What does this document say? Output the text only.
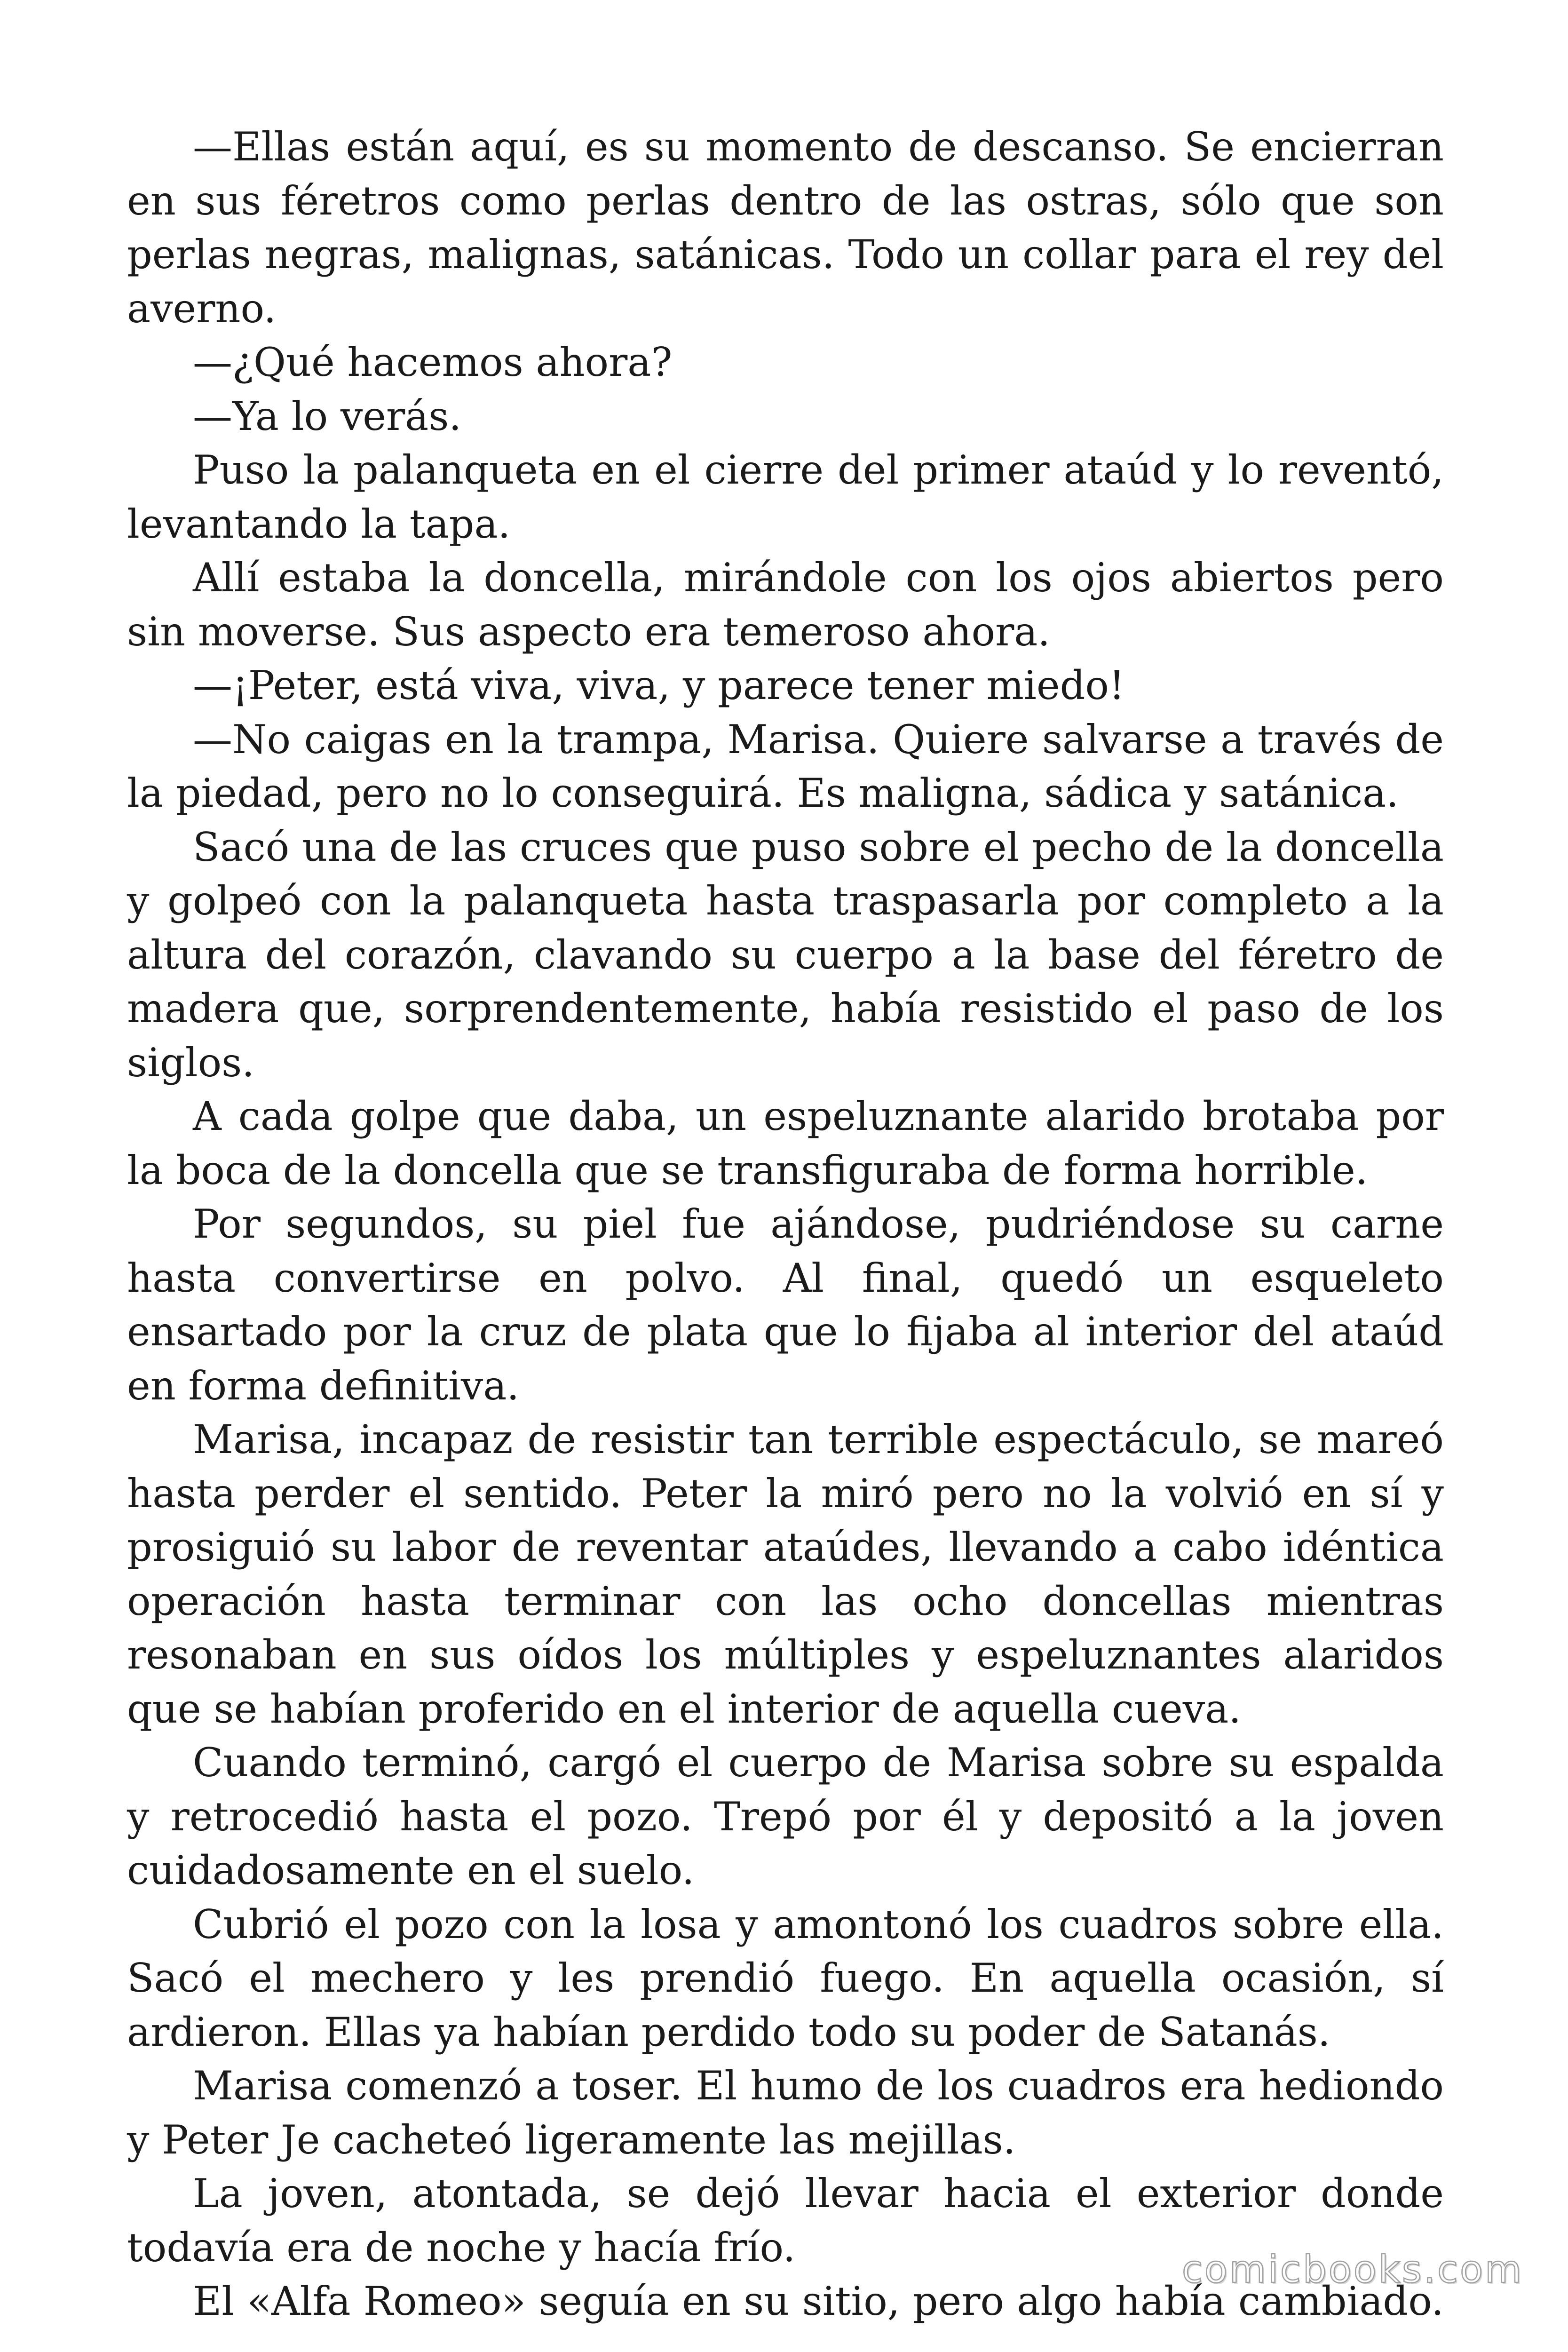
—Ellas están aquí, es su momento de descanso. Se encierran en sus féretros como perlas dentro de las ostras, sólo que son perlas negras, malignas, satánicas. Todo un collar para el rey del averno.

—¿Qué hacemos ahora?

—Ya lo verás.

Puso la palanqueta en el cierre del primer ataúd y lo reventó, levantando la tapa.

Allí estaba la doncella, mirándole con los ojos abiertos pero sin moverse. Sus aspecto era temeroso ahora.

—¡Peter, está viva, viva, y parece tener miedo!

—No caigas en la trampa, Marisa. Quiere salvarse a través de la piedad, pero no lo conseguirá. Es maligna, sádica y satánica.

Sacó una de las cruces que puso sobre el pecho de la doncella y golpeó con la palanqueta hasta traspasarla por completo a la altura del corazón, clavando su cuerpo a la base del féretro de madera que, sorprendentemente, había resistido el paso de los siglos.

A cada golpe que daba, un espeluznante alarido brotaba por la boca de la doncella que se transfiguraba de forma horrible.

Por segundos, su piel fue ajándose, pudriéndose su carne hasta convertirse en polvo. Al final, quedó un esqueleto ensartado por la cruz de plata que lo fijaba al interior del ataúd en forma definitiva.

Marisa, incapaz de resistir tan terrible espectáculo, se mareó hasta perder el sentido. Peter la miró pero no la volvió en sí y prosiguió su labor de reventar ataúdes, llevando a cabo idéntica operación hasta terminar con las ocho doncellas mientras resonaban en sus oídos los múltiples y espeluznantes alaridos que se habían proferido en el interior de aquella cueva.

Cuando terminó, cargó el cuerpo de Marisa sobre su espalda y retrocedió hasta el pozo. Trepó por él y depositó a la joven cuidadosamente en el suelo.

Cubrió el pozo con la losa y amontonó los cuadros sobre ella. Sacó el mechero y les prendió fuego. En aquella ocasión, sí ardieron. Ellas ya habían perdido todo su poder de Satanás.

Marisa comenzó a toser. El humo de los cuadros era hediondo y Peter Je cacheteó ligeramente las mejillas.

La joven, atontada, se dejó llevar hacia el exterior donde todavía era de noche y hacía frío.

El «Alfa Romeo» seguía en su sitio, pero algo había cambiado.

comicbooks.com
